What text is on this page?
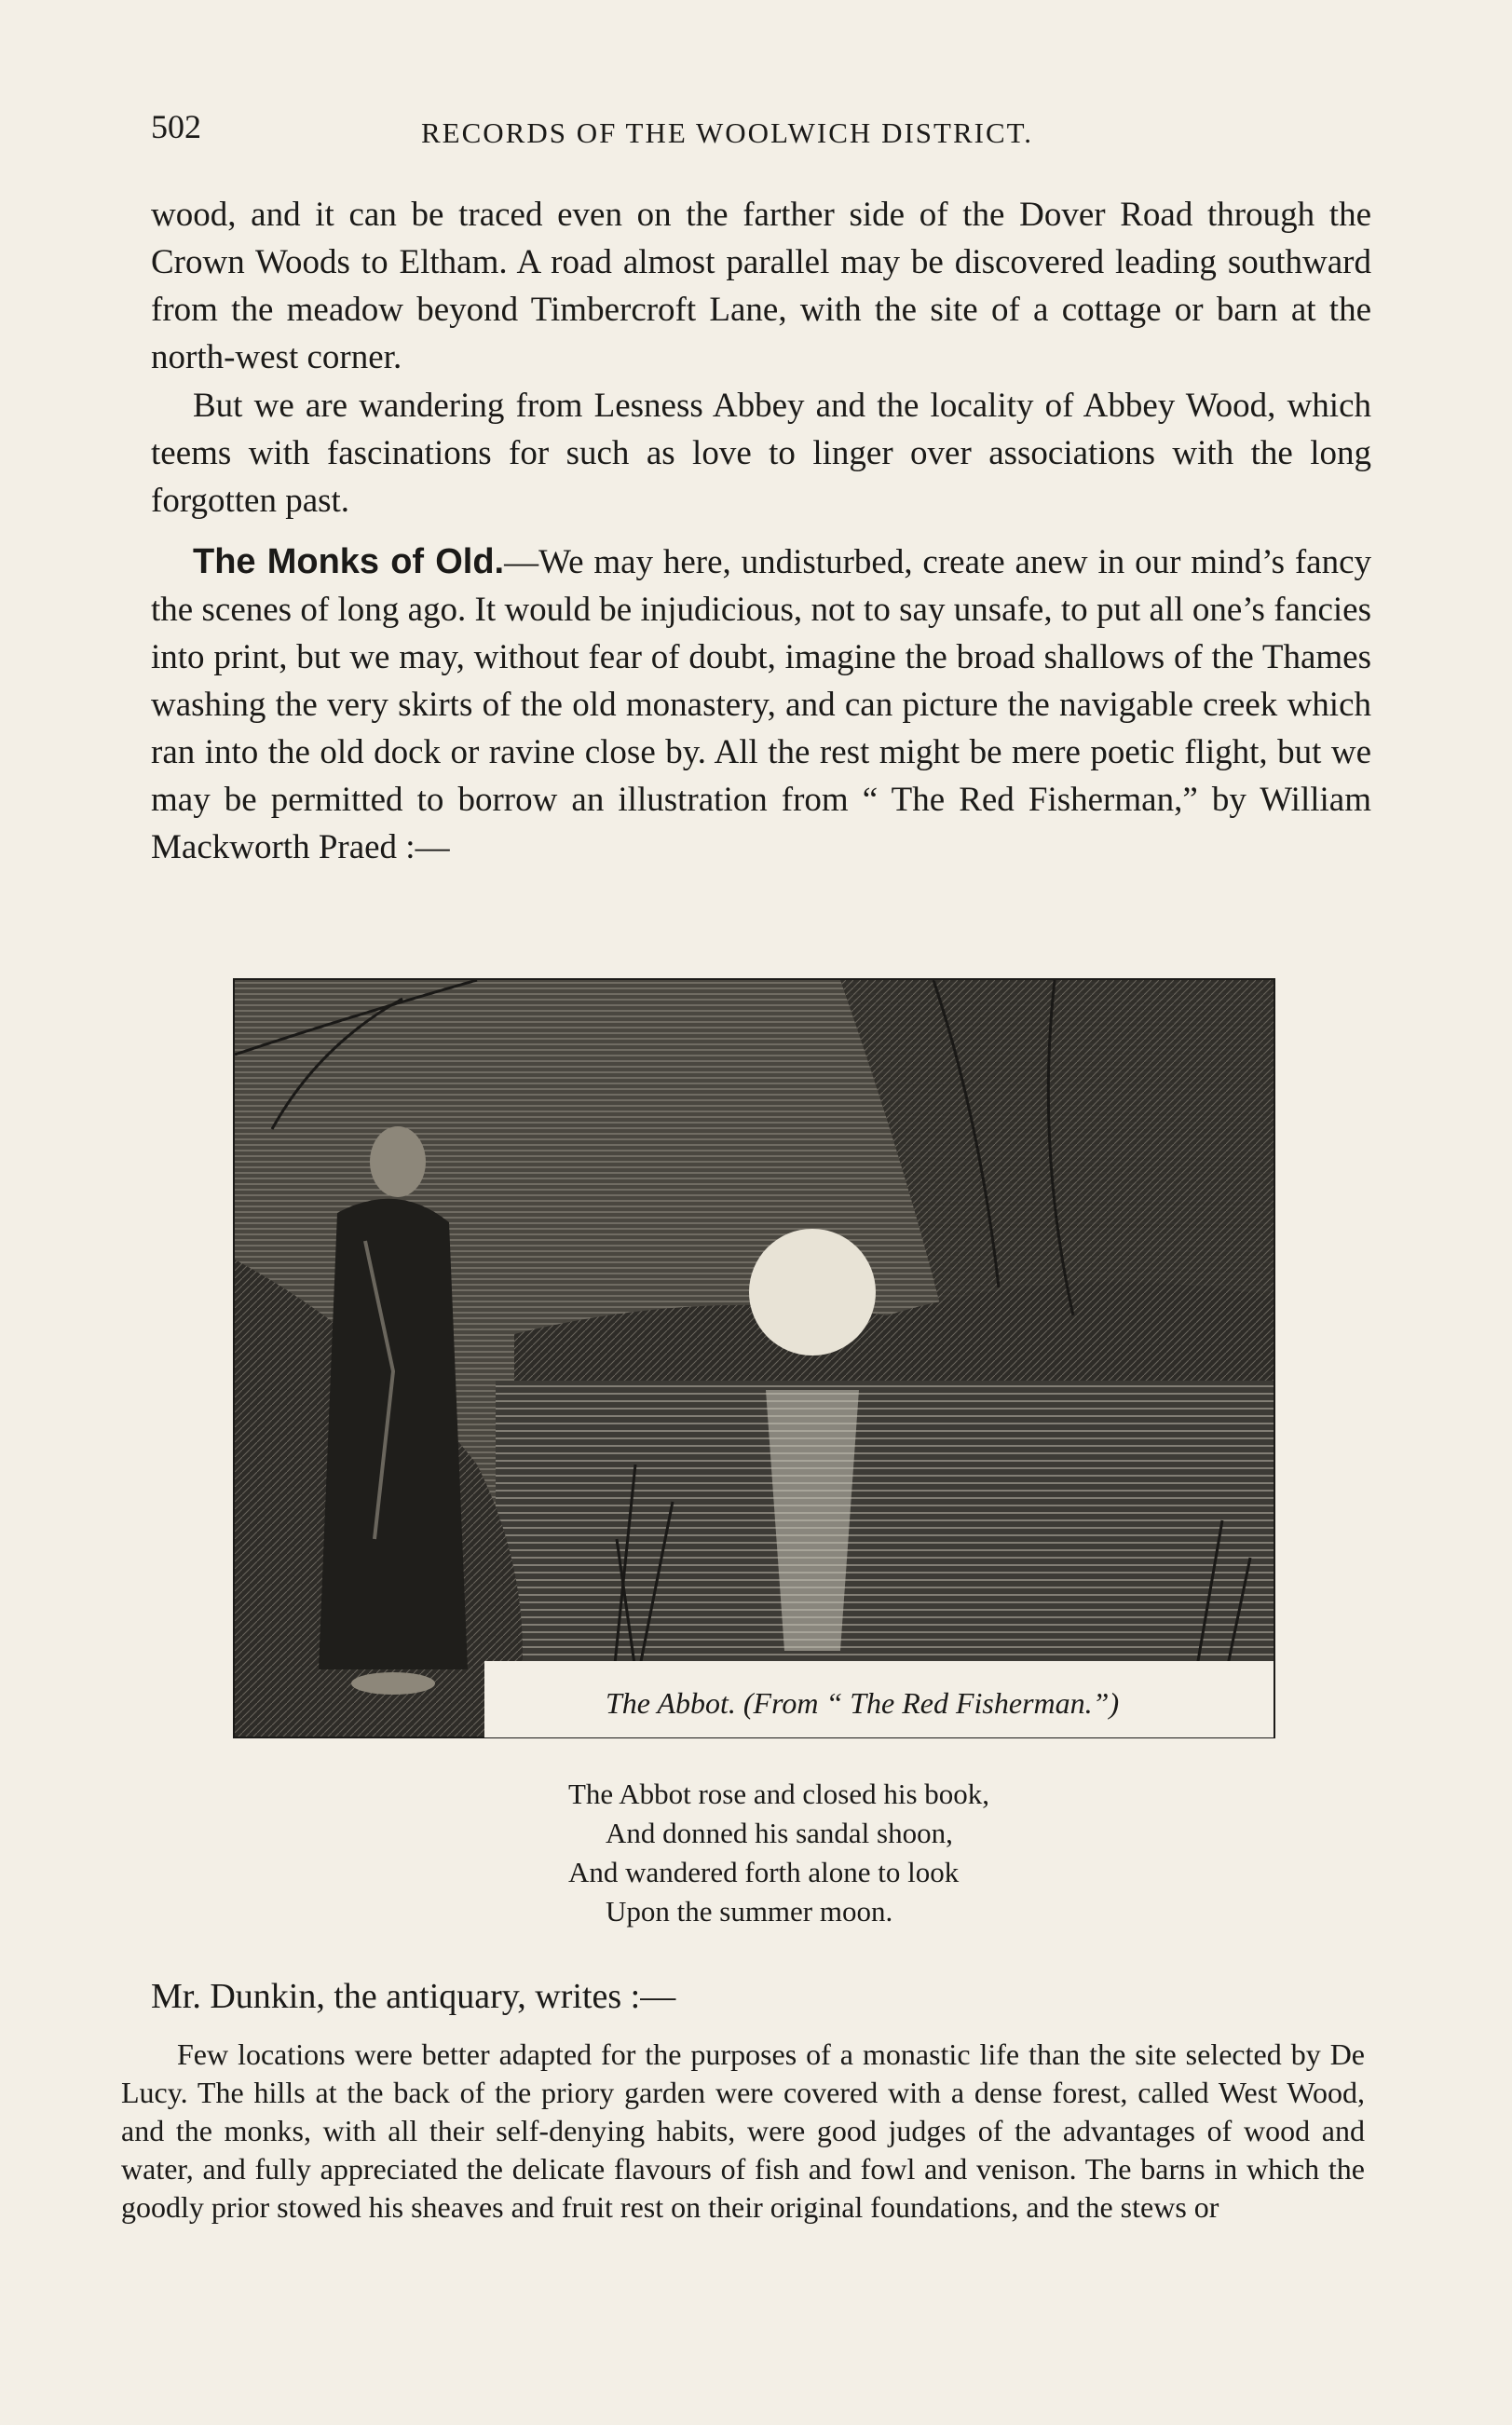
502	RECORDS OF THE WOOLWICH DISTRICT.

wood, and it can be traced even on the farther side of the Dover Road through the Crown Woods to Eltham. A road almost parallel may be discovered leading southward from the meadow beyond Timbercroft Lane, with the site of a cottage or barn at the north-west corner.

But we are wandering from Lesness Abbey and the locality of Abbey Wood, which teems with fascinations for such as love to linger over associations with the long forgotten past.

The Monks of Old.—We may here, undisturbed, create anew in our mind’s fancy the scenes of long ago. It would be injudicious, not to say unsafe, to put all one’s fancies into print, but we may, without fear of doubt, imagine the broad shallows of the Thames washing the very skirts of the old monastery, and can picture the navigable creek which ran into the old dock or ravine close by. All the rest might be mere poetic flight, but we may be permitted to borrow an illustration from “ The Red Fisherman,” by William Mackworth Praed :—

The Abbot. (From “ The Red Fisherman.”)
The Abbot rose and closed his book,
And donned his sandal shoon,
And wandered forth alone to look
Upon the summer moon.

Mr. Dunkin, the antiquary, writes :—

Few locations were better adapted for the purposes of a monastic life than the site selected by De Lucy. The hills at the back of the priory garden were covered with a dense forest, called West Wood, and the monks, with all their self-denying habits, were good judges of the advantages of wood and water, and fully appreciated the delicate flavours of fish and fowl and venison. The barns in which the goodly prior stowed his sheaves and fruit rest on their original foundations, and the stews or
